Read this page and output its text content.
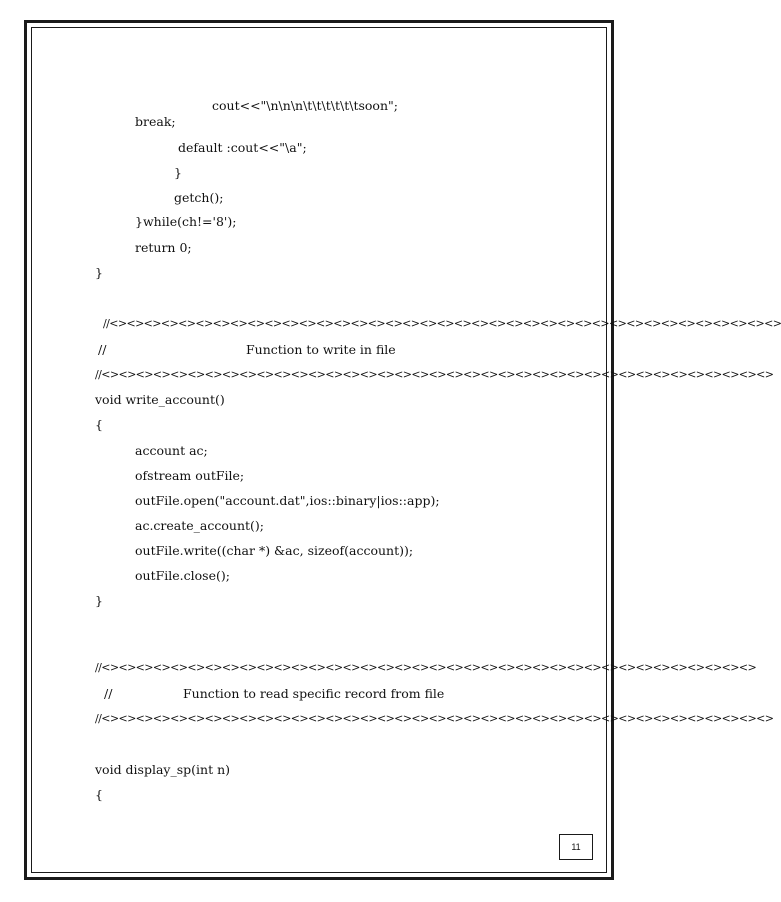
cout<<"\n\n\n\t\t\t\t\t\tsoon";
break;
default :cout<<"\a";
}
getch();
}while(ch!='8');
return 0;
}
//<><><><><><><><><><><><><><><><><><><><><><><><><><><><><><><><><><><><><><><>
//	Function to write in file
//<><><><><><><><><><><><><><><><><><><><><><><><><><><><><><><><><><><><><><><>
void write_account()
{
account ac;
ofstream outFile;
outFile.open("account.dat",ios::binary|ios::app);
ac.create_account();
outFile.write((char *) &ac, sizeof(account));
outFile.close();
}
//<><><><><><><><><><><><><><><><><><><><><><><><><><><><><><><><><><><><><><>
//	Function to read specific record from file
//<><><><><><><><><><><><><><><><><><><><><><><><><><><><><><><><><><><><><><><>
void display_sp(int n)
{
11
